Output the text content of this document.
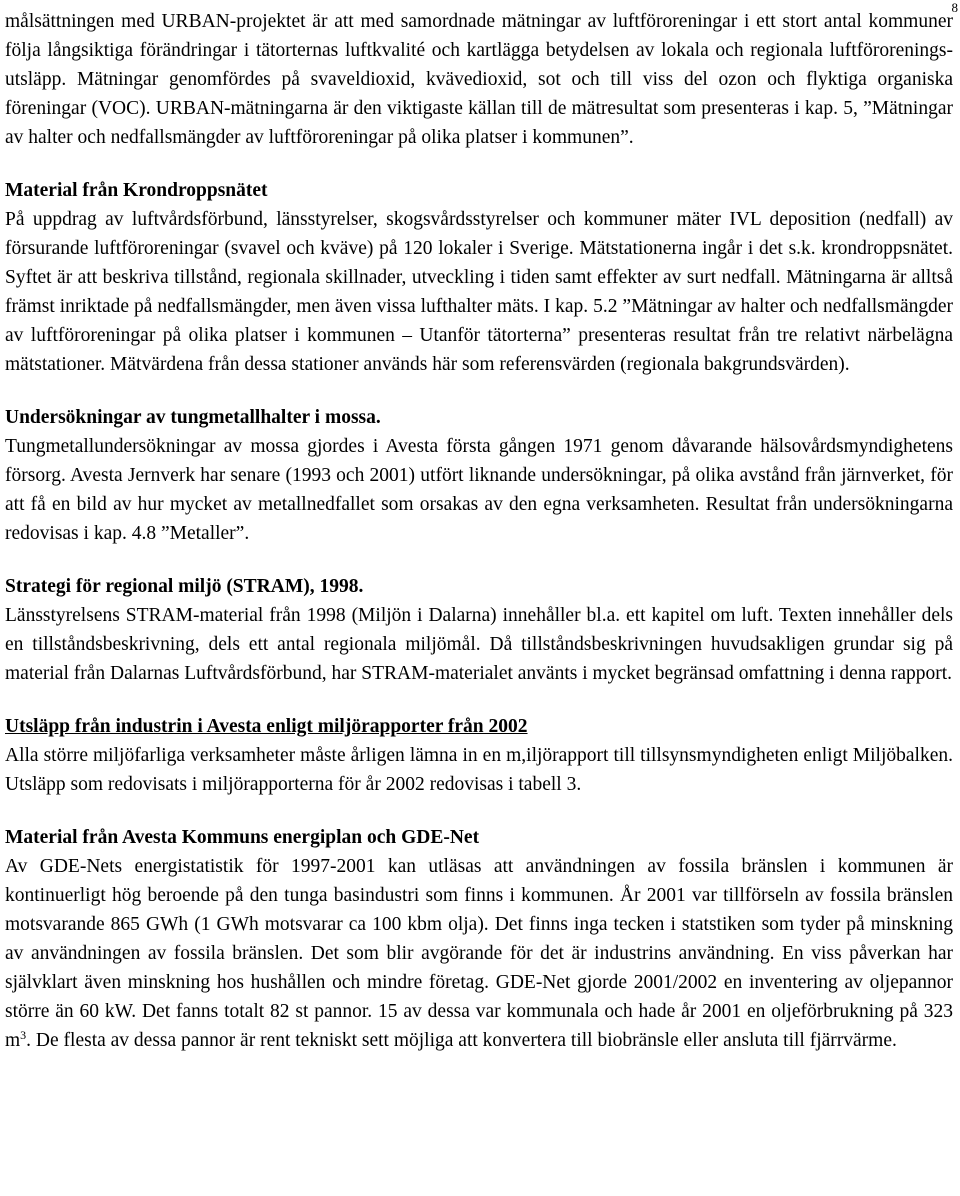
8

målsättningen med URBAN-projektet är att med samordnade mätningar av luftföroreningar i ett stort antal kommuner följa långsiktiga förändringar i tätorternas luftkvalité och kartlägga betydelsen av lokala och regionala luftföroreningsutsläpp. Mätningar genomfördes på svaveldioxid, kvävedioxid, sot och till viss del ozon och flyktiga organiska föreningar (VOC). URBAN-mätningarna är den viktigaste källan till de mätresultat som presenteras i kap. 5, ”Mätningar av halter och nedfallsmängder av luftföroreningar på olika platser i kommunen”.

Material från Krondroppsnätet

På uppdrag av luftvårdsförbund, länsstyrelser, skogsvårdsstyrelser och kommuner mäter IVL deposition (nedfall) av försurande luftföroreningar (svavel och kväve) på 120 lokaler i Sverige. Mätstationerna ingår i det s.k. krondroppsnätet. Syftet är att beskriva tillstånd, regionala skillnader, utveckling i tiden samt effekter av surt nedfall. Mätningarna är alltså främst inriktade på nedfallsmängder, men även vissa lufthalter mäts. I kap. 5.2 ”Mätningar av halter och nedfallsmängder av luftföroreningar på olika platser i kommunen – Utanför tätorterna” presenteras resultat från tre relativt närbelägna mätstationer. Mätvärdena från dessa stationer används här som referensvärden (regionala bakgrundsvärden).

Undersökningar av tungmetallhalter i mossa.

Tungmetallundersökningar av mossa gjordes i Avesta första gången 1971 genom dåvarande hälsovårdsmyndighetens försorg. Avesta Jernverk har senare (1993 och 2001) utfört liknande undersökningar, på olika avstånd från järnverket, för att få en bild av hur mycket av metallnedfallet som orsakas av den egna verksamheten. Resultat från undersökningarna redovisas i kap. 4.8 ”Metaller”.

Strategi för regional miljö (STRAM), 1998.

Länsstyrelsens STRAM-material från 1998 (Miljön i Dalarna) innehåller bl.a. ett kapitel om luft. Texten innehåller dels en tillståndsbeskrivning, dels ett antal regionala miljömål. Då tillståndsbeskrivningen huvudsakligen grundar sig på material från Dalarnas Luftvårdsförbund, har STRAM-materialet använts i mycket begränsad omfattning i denna rapport.

Utsläpp från industrin i Avesta enligt miljörapporter från 2002

Alla större miljöfarliga verksamheter måste årligen lämna in en m,iljörapport till tillsynsmyndigheten enligt Miljöbalken. Utsläpp som redovisats i miljörapporterna för år 2002 redovisas i tabell 3.

Material från Avesta Kommuns energiplan och GDE-Net

Av GDE-Nets energistatistik för 1997-2001 kan utläsas att användningen av fossila bränslen i kommunen är kontinuerligt hög beroende på den tunga basindustri som finns i kommunen. År 2001 var tillförseln av fossila bränslen motsvarande 865 GWh (1 GWh motsvarar ca 100 kbm olja). Det finns inga tecken i statstiken som tyder på minskning av användningen av fossila bränslen. Det som blir avgörande för det är industrins användning. En viss påverkan har självklart även minskning hos hushållen och mindre företag. GDE-Net gjorde 2001/2002 en inventering av oljepannor större än 60 kW. Det fanns totalt 82 st pannor. 15 av dessa var kommunala och hade år 2001 en oljeförbrukning på 323 $m^3$. De flesta av dessa pannor är rent tekniskt sett möjliga att konvertera till biobränsle eller ansluta till fjärrvärme.
